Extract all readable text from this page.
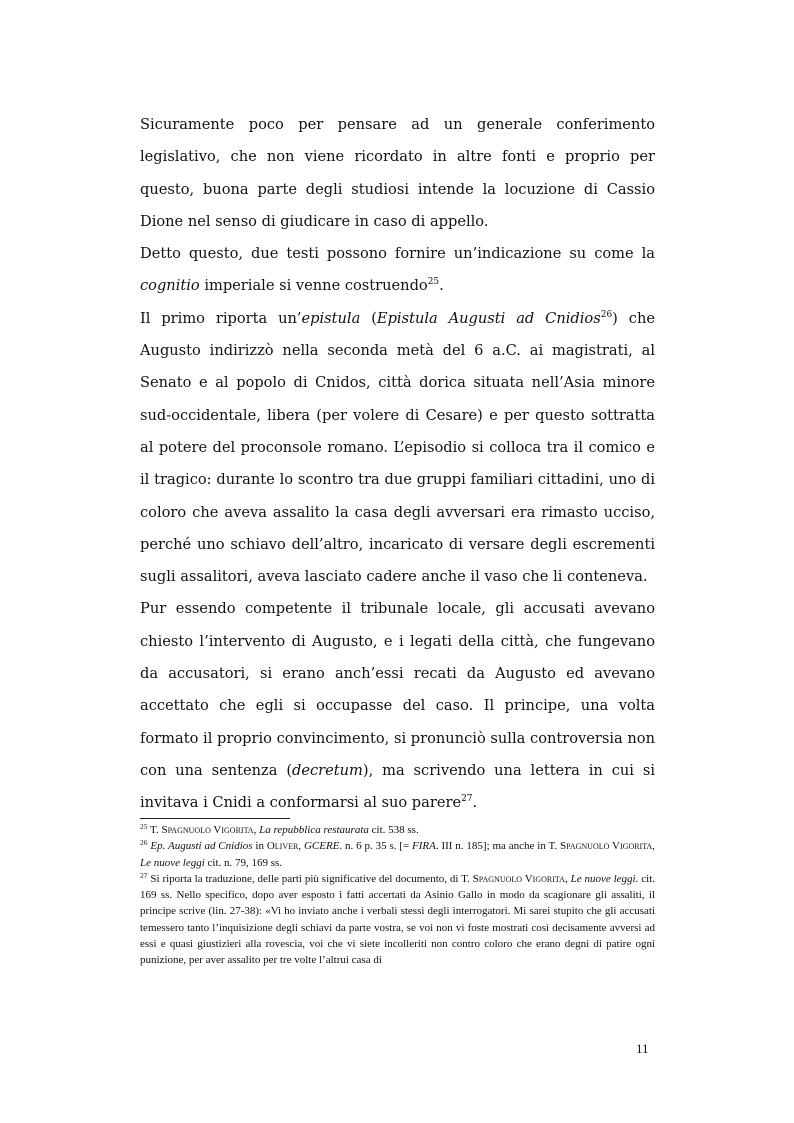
Sicuramente poco per pensare ad un generale conferimento legislativo, che non viene ricordato in altre fonti e proprio per questo, buona parte degli studiosi intende la locuzione di Cassio Dione nel senso di giudicare in caso di appello.

Detto questo, due testi possono fornire un’indicazione su come la cognitio imperiale si venne costruendo$^{25}$.

Il primo riporta un’epistula (Epistula Augusti ad Cnidios$^{26}$) che Augusto indirizzò nella seconda metà del 6 a.C. ai magistrati, al Senato e al popolo di Cnidos, città dorica situata nell’Asia minore sud-occidentale, libera (per volere di Cesare) e per questo sottratta al potere del proconsole romano. L’episodio si colloca tra il comico e il tragico: durante lo scontro tra due gruppi familiari cittadini, uno di coloro che aveva assalito la casa degli avversari era rimasto ucciso, perché uno schiavo dell’altro, incaricato di versare degli escrementi sugli assalitori, aveva lasciato cadere anche il vaso che li conteneva.

Pur essendo competente il tribunale locale, gli accusati avevano chiesto l’intervento di Augusto, e i legati della città, che fungevano da accusatori, si erano anch’essi recati da Augusto ed avevano accettato che egli si occupasse del caso. Il principe, una volta formato il proprio convincimento, si pronunciò sulla controversia non con una sentenza (decretum), ma scrivendo una lettera in cui si invitava i Cnidi a conformarsi al suo parere$^{27}$.

$^{25}$ T. Spagnuolo Vigorita, La repubblica restaurata cit. 538 ss.

$^{26}$ Ep. Augusti ad Cnidios in Oliver, GCERE. n. 6 p. 35 s. [= FIRA. III n. 185]; ma anche in T. Spagnuolo Vigorita, Le nuove leggi cit. n. 79, 169 ss.

$^{27}$ Si riporta la traduzione, delle parti più significative del documento, di T. Spagnuolo Vigorita, Le nuove leggi. cit. 169 ss. Nello specifico, dopo aver esposto i fatti accertati da Asinio Gallo in modo da scagionare gli assaliti, il principe scrive (lin. 27-38): «Vi ho inviato anche i verbali stessi degli interrogatori. Mi sarei stupito che gli accusati temessero tanto l’inquisizione degli schiavi da parte vostra, se voi non vi foste mostrati così decisamente avversi ad essi e quasi giustizieri alla rovescia, voi che vi siete incolleriti non contro coloro che erano degni di patire ogni punizione, per aver assalito per tre volte l’altrui casa di

11
